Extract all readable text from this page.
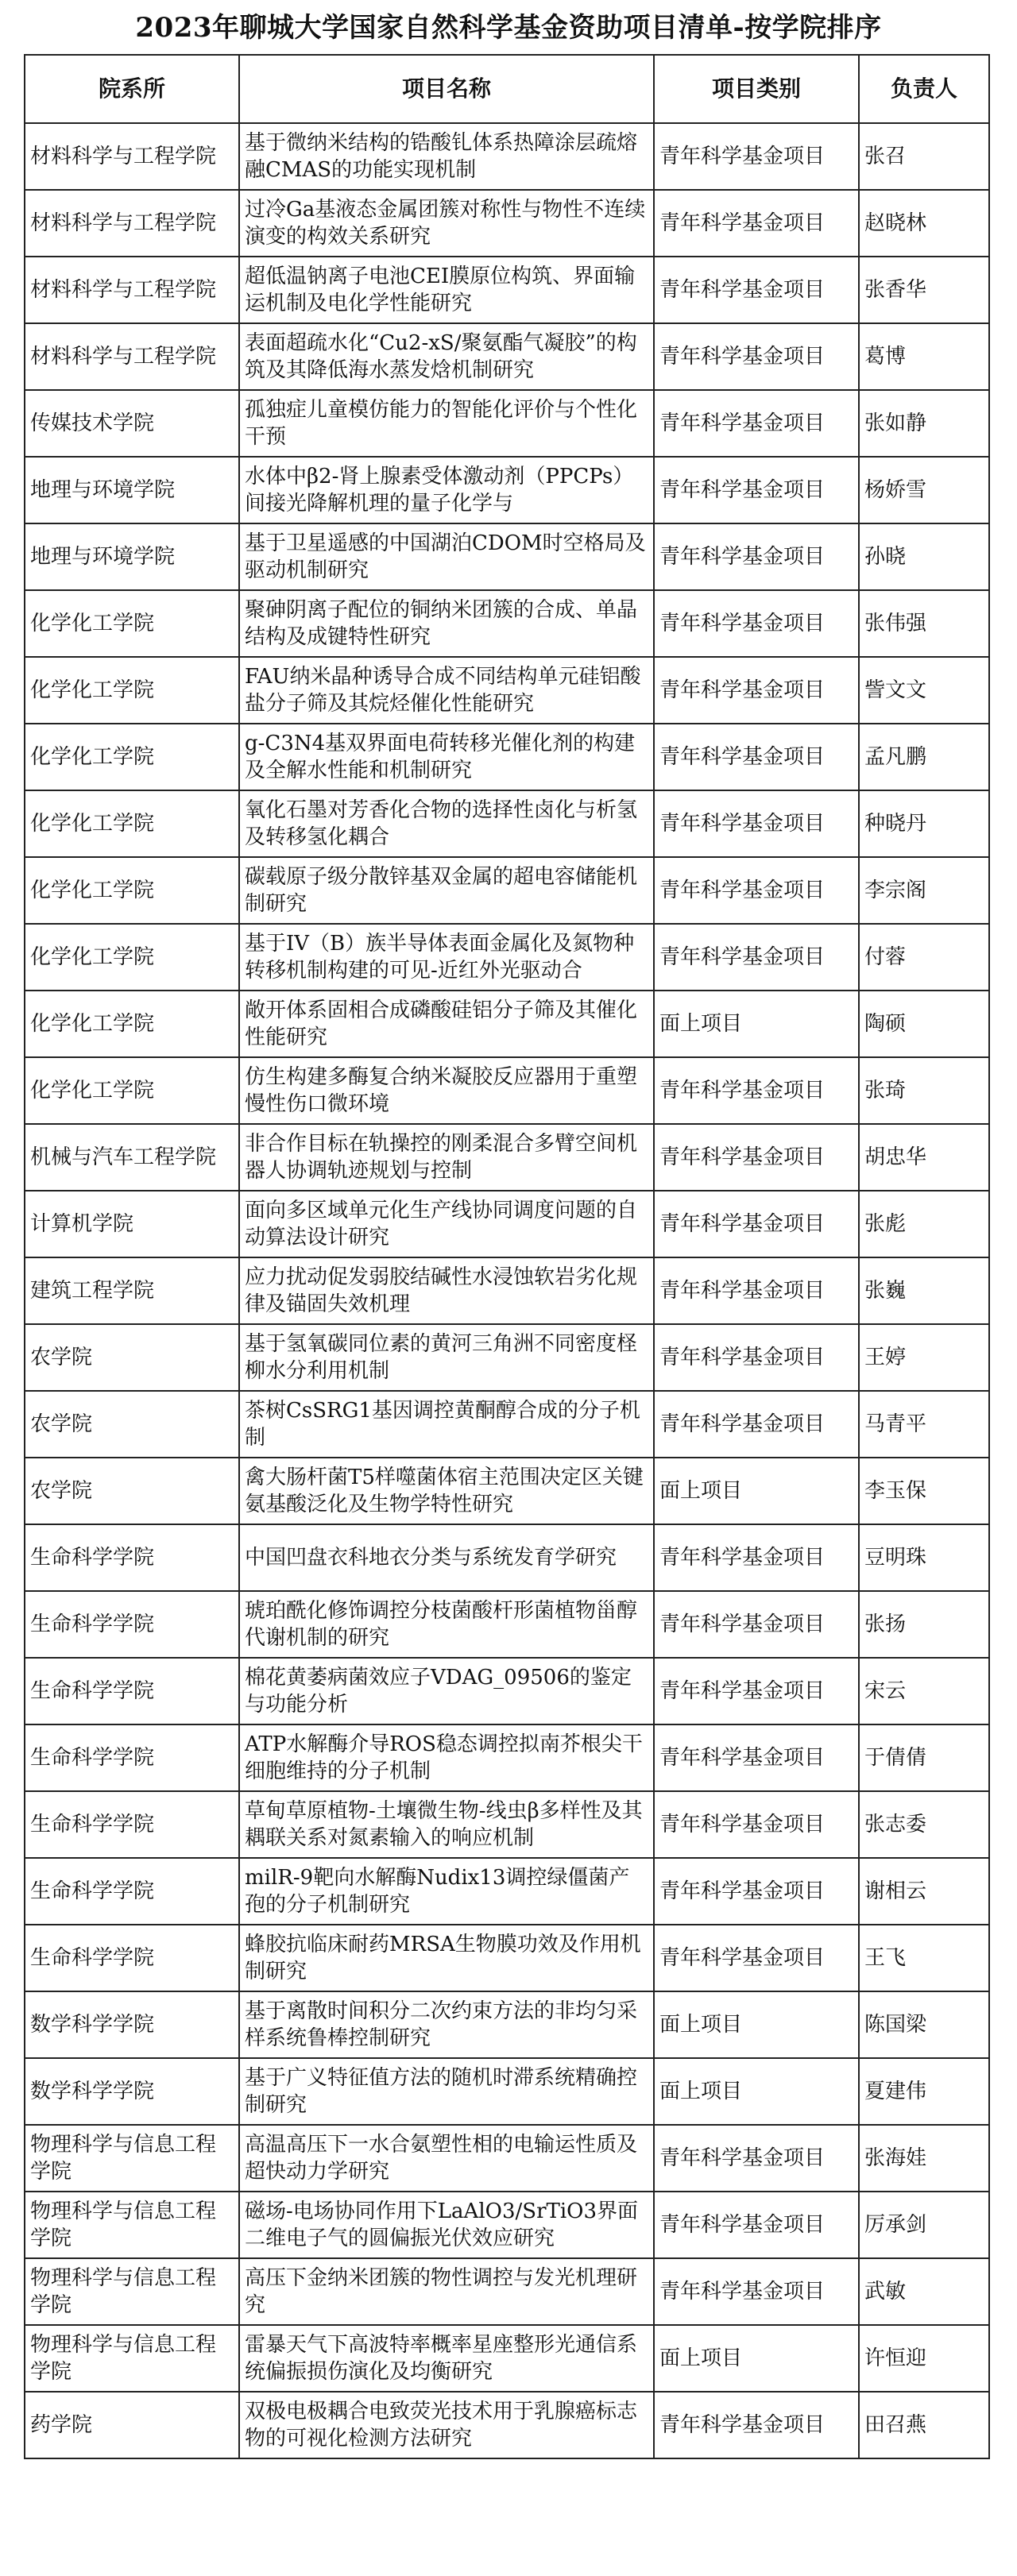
2023年聊城大学国家自然科学基金资助项目清单-按学院排序
院系所	项目名称	项目类别	负责人
材料科学与工程学院	基于微纳米结构的锆酸钆体系热障涂层疏熔融CMAS的功能实现机制	青年科学基金项目	张召
材料科学与工程学院	过冷Ga基液态金属团簇对称性与物性不连续演变的构效关系研究	青年科学基金项目	赵晓林
材料科学与工程学院	超低温钠离子电池CEI膜原位构筑、界面输运机制及电化学性能研究	青年科学基金项目	张香华
材料科学与工程学院	表面超疏水化“Cu2-xS/聚氨酯气凝胶”的构筑及其降低海水蒸发焓机制研究	青年科学基金项目	葛博
传媒技术学院	孤独症儿童模仿能力的智能化评价与个性化干预	青年科学基金项目	张如静
地理与环境学院	水体中β2-肾上腺素受体激动剂（PPCPs）间接光降解机理的量子化学与	青年科学基金项目	杨娇雪
地理与环境学院	基于卫星遥感的中国湖泊CDOM时空格局及驱动机制研究	青年科学基金项目	孙晓
化学化工学院	聚砷阴离子配位的铜纳米团簇的合成、单晶结构及成键特性研究	青年科学基金项目	张伟强
化学化工学院	FAU纳米晶种诱导合成不同结构单元硅铝酸盐分子筛及其烷烃催化性能研究	青年科学基金项目	訾文文
化学化工学院	g-C3N4基双界面电荷转移光催化剂的构建及全解水性能和机制研究	青年科学基金项目	孟凡鹏
化学化工学院	氧化石墨对芳香化合物的选择性卤化与析氢及转移氢化耦合	青年科学基金项目	种晓丹
化学化工学院	碳载原子级分散锌基双金属的超电容储能机制研究	青年科学基金项目	李宗阁
化学化工学院	基于IV（B）族半导体表面金属化及氮物种转移机制构建的可见-近红外光驱动合	青年科学基金项目	付蓉
化学化工学院	敞开体系固相合成磷酸硅铝分子筛及其催化性能研究	面上项目	陶硕
化学化工学院	仿生构建多酶复合纳米凝胶反应器用于重塑慢性伤口微环境	青年科学基金项目	张琦
机械与汽车工程学院	非合作目标在轨操控的刚柔混合多臂空间机器人协调轨迹规划与控制	青年科学基金项目	胡忠华
计算机学院	面向多区域单元化生产线协同调度问题的自动算法设计研究	青年科学基金项目	张彪
建筑工程学院	应力扰动促发弱胶结碱性水浸蚀软岩劣化规律及锚固失效机理	青年科学基金项目	张巍
农学院	基于氢氧碳同位素的黄河三角洲不同密度柽柳水分利用机制	青年科学基金项目	王婷
农学院	茶树CsSRG1基因调控黄酮醇合成的分子机制	青年科学基金项目	马青平
农学院	禽大肠杆菌T5样噬菌体宿主范围决定区关键氨基酸泛化及生物学特性研究	面上项目	李玉保
生命科学学院	中国凹盘衣科地衣分类与系统发育学研究	青年科学基金项目	豆明珠
生命科学学院	琥珀酰化修饰调控分枝菌酸杆形菌植物甾醇代谢机制的研究	青年科学基金项目	张扬
生命科学学院	棉花黄萎病菌效应子VDAG_09506的鉴定与功能分析	青年科学基金项目	宋云
生命科学学院	ATP水解酶介导ROS稳态调控拟南芥根尖干细胞维持的分子机制	青年科学基金项目	于倩倩
生命科学学院	草甸草原植物-土壤微生物-线虫β多样性及其耦联关系对氮素输入的响应机制	青年科学基金项目	张志委
生命科学学院	milR-9靶向水解酶Nudix13调控绿僵菌产孢的分子机制研究	青年科学基金项目	谢相云
生命科学学院	蜂胶抗临床耐药MRSA生物膜功效及作用机制研究	青年科学基金项目	王飞
数学科学学院	基于离散时间积分二次约束方法的非均匀采样系统鲁棒控制研究	面上项目	陈国梁
数学科学学院	基于广义特征值方法的随机时滞系统精确控制研究	面上项目	夏建伟
物理科学与信息工程学院	高温高压下一水合氨塑性相的电输运性质及超快动力学研究	青年科学基金项目	张海娃
物理科学与信息工程学院	磁场-电场协同作用下LaAlO3/SrTiO3界面二维电子气的圆偏振光伏效应研究	青年科学基金项目	厉承剑
物理科学与信息工程学院	高压下金纳米团簇的物性调控与发光机理研究	青年科学基金项目	武敏
物理科学与信息工程学院	雷暴天气下高波特率概率星座整形光通信系统偏振损伤演化及均衡研究	面上项目	许恒迎
药学院	双极电极耦合电致荧光技术用于乳腺癌标志物的可视化检测方法研究	青年科学基金项目	田召燕
